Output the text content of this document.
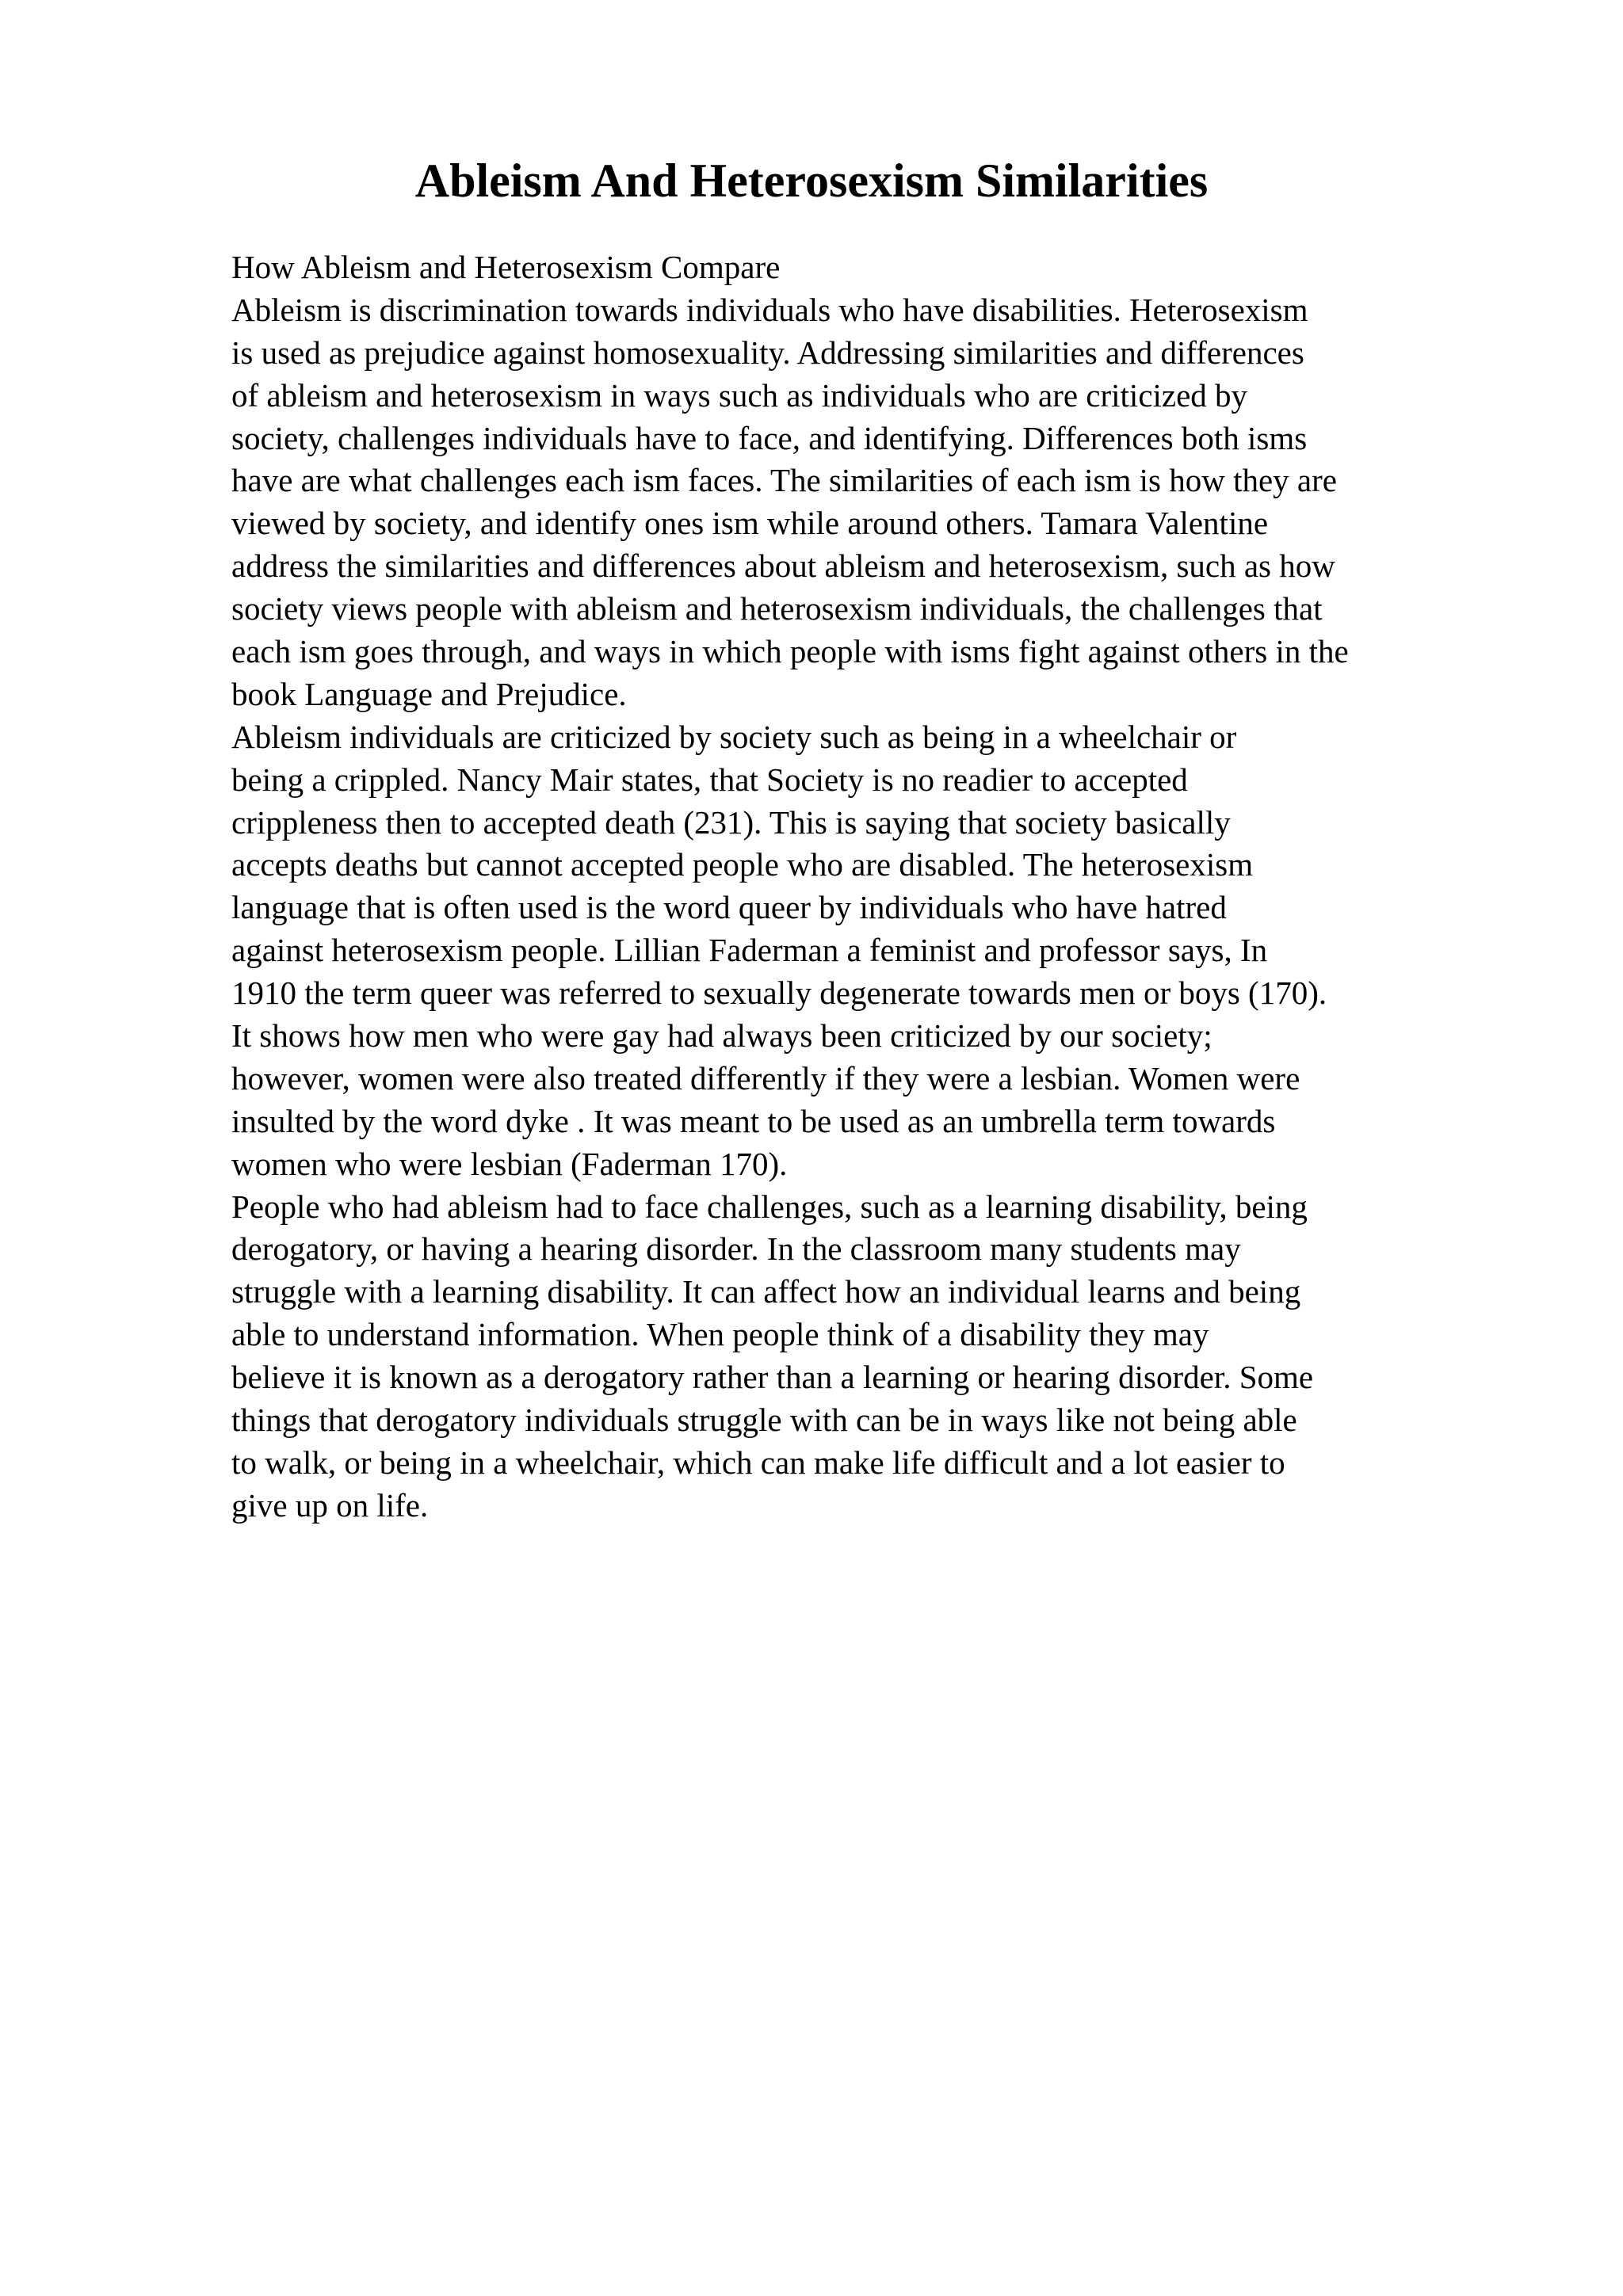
Ableism And Heterosexism Similarities
How Ableism and Heterosexism Compare
Ableism is discrimination towards individuals who have disabilities. Heterosexism
is used as prejudice against homosexuality. Addressing similarities and differences
of ableism and heterosexism in ways such as individuals who are criticized by
society, challenges individuals have to face, and identifying. Differences both isms
have are what challenges each ism faces. The similarities of each ism is how they are
viewed by society, and identify ones ism while around others. Tamara Valentine
address the similarities and differences about ableism and heterosexism, such as how
society views people with ableism and heterosexism individuals, the challenges that
each ism goes through, and ways in which people with isms fight against others in the
book Language and Prejudice.
Ableism individuals are criticized by society such as being in a wheelchair or
being a crippled. Nancy Mair states, that Society is no readier to accepted
crippleness then to accepted death (231). This is saying that society basically
accepts deaths but cannot accepted people who are disabled. The heterosexism
language that is often used is the word queer by individuals who have hatred
against heterosexism people. Lillian Faderman a feminist and professor says, In
1910 the term queer was referred to sexually degenerate towards men or boys (170).
It shows how men who were gay had always been criticized by our society;
however, women were also treated differently if they were a lesbian. Women were
insulted by the word dyke . It was meant to be used as an umbrella term towards
women who were lesbian (Faderman 170).
People who had ableism had to face challenges, such as a learning disability, being
derogatory, or having a hearing disorder. In the classroom many students may
struggle with a learning disability. It can affect how an individual learns and being
able to understand information. When people think of a disability they may
believe it is known as a derogatory rather than a learning or hearing disorder. Some
things that derogatory individuals struggle with can be in ways like not being able
to walk, or being in a wheelchair, which can make life difficult and a lot easier to
give up on life.
